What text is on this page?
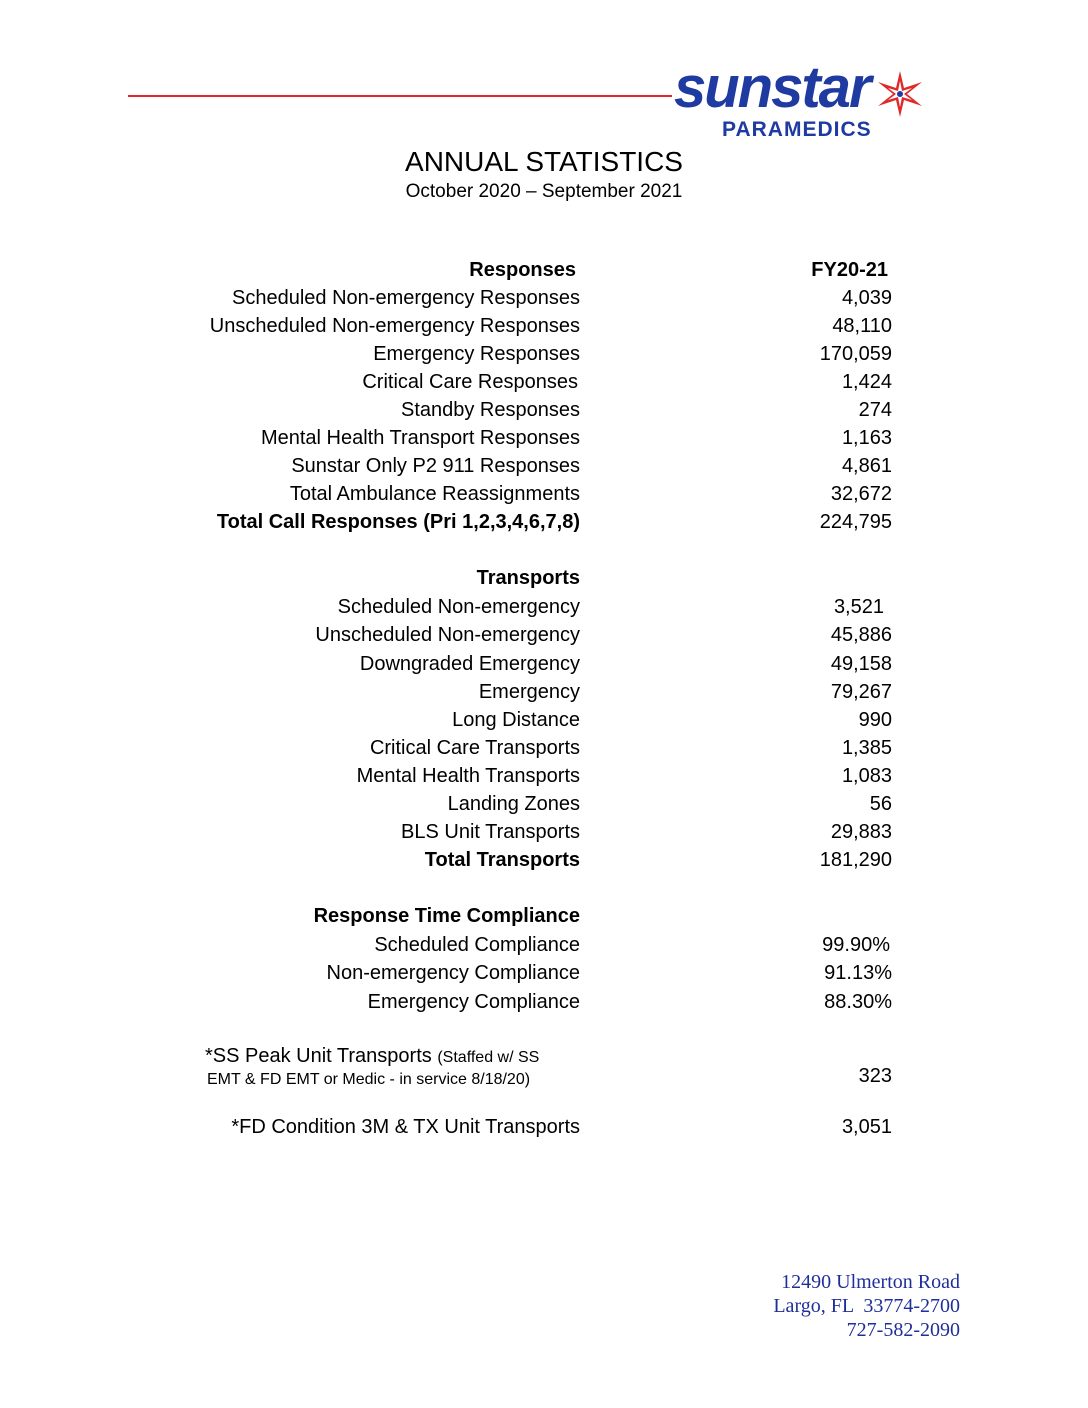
sunstar
PARAMEDICS
ANNUAL STATISTICS
October 2020 – September 2021
Responses	FY20-21
Scheduled Non-emergency Responses	4,039
Unscheduled Non-emergency Responses	48,110
Emergency Responses	170,059
Critical Care Responses	1,424
Standby Responses	274
Mental Health Transport Responses	1,163
Sunstar Only P2 911 Responses	4,861
Total Ambulance Reassignments	32,672
Total Call Responses (Pri 1,2,3,4,6,7,8)	224,795
Transports
Scheduled Non-emergency	3,521
Unscheduled Non-emergency	45,886
Downgraded Emergency	49,158
Emergency	79,267
Long Distance	990
Critical Care Transports	1,385
Mental Health Transports	1,083
Landing Zones	56
BLS Unit Transports	29,883
Total Transports	181,290
Response Time Compliance
Scheduled Compliance	99.90%
Non-emergency Compliance	91.13%
Emergency Compliance	88.30%
*SS Peak Unit Transports (Staffed w/ SS
EMT & FD EMT or Medic - in service 8/18/20)	323
*FD Condition 3M & TX Unit Transports	3,051
12490 Ulmerton Road
Largo, FL  33774-2700
727-582-2090
